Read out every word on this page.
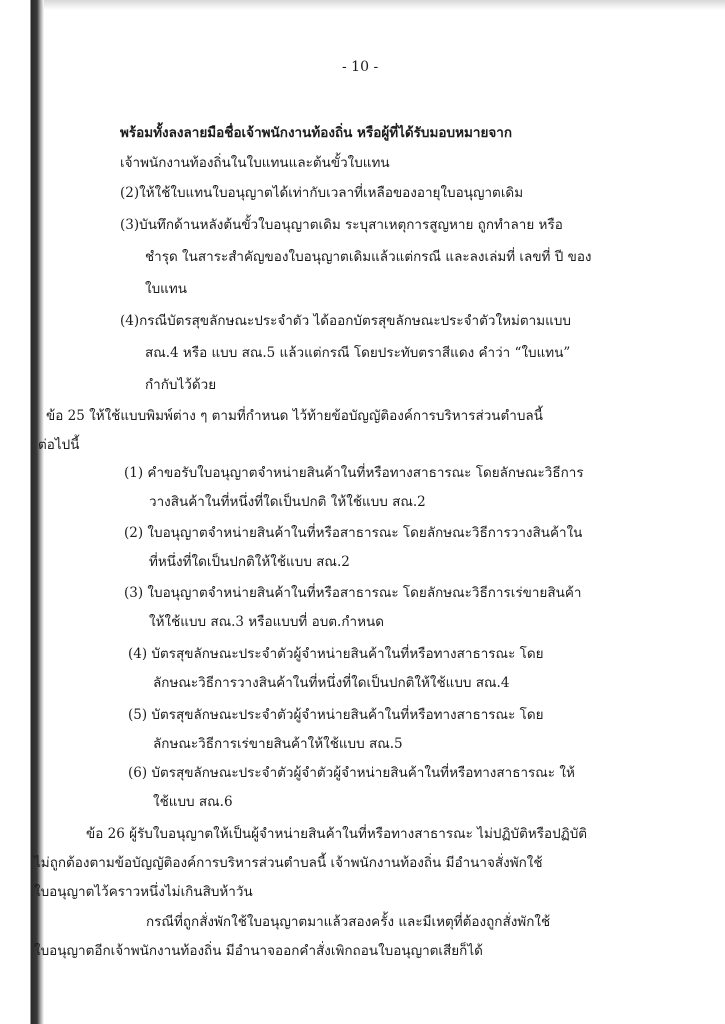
- 10 -
พร้อมทั้งลงลายมือชื่อเจ้าพนักงานท้องถิ่น หรือผู้ที่ได้รับมอบหมายจาก
เจ้าพนักงานท้องถิ่นในใบแทนและต้นขั้วใบแทน
(2)ให้ใช้ใบแทนใบอนุญาตได้เท่ากับเวลาที่เหลือของอายุใบอนุญาตเดิม
(3)บันทึกด้านหลังต้นขั้วใบอนุญาตเดิม ระบุสาเหตุการสูญหาย ถูกทำลาย หรือ
ชำรุด ในสาระสำคัญของใบอนุญาตเดิมแล้วแต่กรณี และลงเล่มที่ เลขที่ ปี ของ
ใบแทน
(4)กรณีบัตรสุขลักษณะประจำตัว ได้ออกบัตรสุขลักษณะประจำตัวใหม่ตามแบบ
สณ.4 หรือ แบบ สณ.5 แล้วแต่กรณี โดยประทับตราสีแดง คำว่า “ใบแทน”
กำกับไว้ด้วย
ข้อ 25 ให้ใช้แบบพิมพ์ต่าง ๆ ตามที่กำหนด ไว้ท้ายข้อบัญญัติองค์การบริหารส่วนตำบลนี้
ต่อไปนี้
(1) คำขอรับใบอนุญาตจำหน่ายสินค้าในที่หรือทางสาธารณะ โดยลักษณะวิธีการ
วางสินค้าในที่หนึ่งที่ใดเป็นปกติ ให้ใช้แบบ สณ.2
(2) ใบอนุญาตจำหน่ายสินค้าในที่หรือสาธารณะ โดยลักษณะวิธีการวางสินค้าใน
ที่หนึ่งที่ใดเป็นปกติให้ใช้แบบ สณ.2
(3) ใบอนุญาตจำหน่ายสินค้าในที่หรือสาธารณะ โดยลักษณะวิธีการเร่ขายสินค้า
ให้ใช้แบบ สณ.3 หรือแบบที่ อบต.กำหนด
(4) บัตรสุขลักษณะประจำตัวผู้จำหน่ายสินค้าในที่หรือทางสาธารณะ โดย
ลักษณะวิธีการวางสินค้าในที่หนึ่งที่ใดเป็นปกติให้ใช้แบบ สณ.4
(5) บัตรสุขลักษณะประจำตัวผู้จำหน่ายสินค้าในที่หรือทางสาธารณะ โดย
ลักษณะวิธีการเร่ขายสินค้าให้ใช้แบบ สณ.5
(6) บัตรสุขลักษณะประจำตัวผู้จำตัวผู้จำหน่ายสินค้าในที่หรือทางสาธารณะ ให้
ใช้แบบ สณ.6
ข้อ 26 ผู้รับใบอนุญาตให้เป็นผู้จำหน่ายสินค้าในที่หรือทางสาธารณะ ไม่ปฏิบัติหรือปฏิบัติ
ไม่ถูกต้องตามข้อบัญญัติองค์การบริหารส่วนตำบลนี้ เจ้าพนักงานท้องถิ่น มีอำนาจสั่งพักใช้
ใบอนุญาตไว้คราวหนึ่งไม่เกินสิบห้าวัน
กรณีที่ถูกสั่งพักใช้ใบอนุญาตมาแล้วสองครั้ง และมีเหตุที่ต้องถูกสั่งพักใช้
ใบอนุญาตอีกเจ้าพนักงานท้องถิ่น มีอำนาจออกคำสั่งเพิกถอนใบอนุญาตเสียก็ได้
